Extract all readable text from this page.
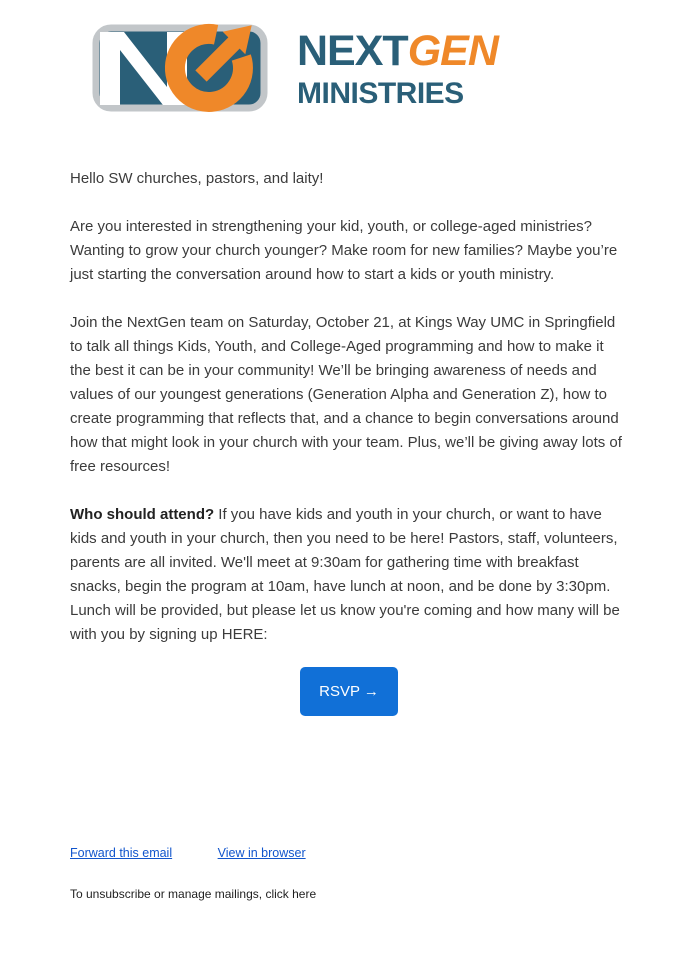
NEXTGEN
MINISTRIES

Hello SW churches, pastors, and laity!

Are you interested in strengthening your kid, youth, or college-aged ministries? Wanting to grow your church younger? Make room for new families? Maybe you’re just starting the conversation around how to start a kids or youth ministry.

Join the NextGen team on Saturday, October 21, at Kings Way UMC in Springfield to talk all things Kids, Youth, and College-Aged programming and how to make it the best it can be in your community! We’ll be bringing awareness of needs and values of our youngest generations (Generation Alpha and Generation Z), how to create programming that reflects that, and a chance to begin conversations around how that might look in your church with your team. Plus, we’ll be giving away lots of free resources!

Who should attend? If you have kids and youth in your church, or want to have kids and youth in your church, then you need to be here! Pastors, staff, volunteers, parents are all invited. We'll meet at 9:30am for gathering time with breakfast snacks, begin the program at 10am, have lunch at noon, and be done by 3:30pm. Lunch will be provided, but please let us know you're coming and how many will be with you by signing up HERE:

RSVP →
Forward this email	View in browser

To unsubscribe or manage mailings, click here
